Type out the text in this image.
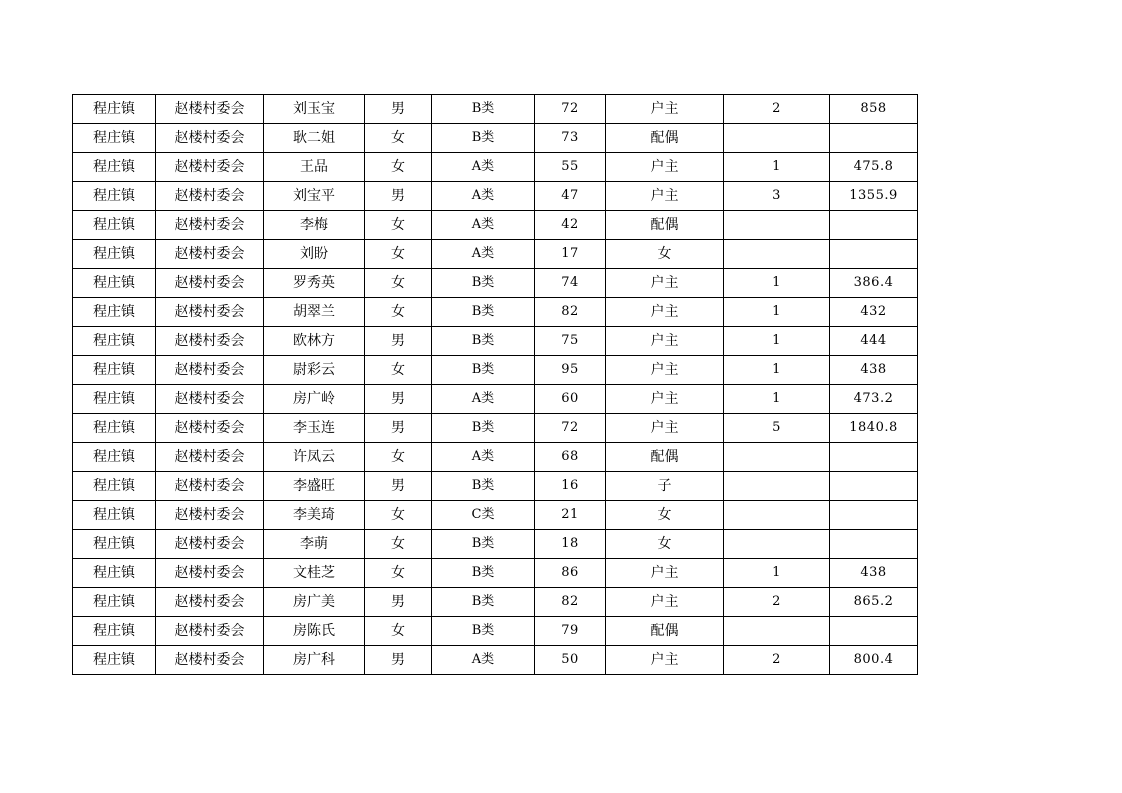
程庄镇	赵楼村委会	刘玉宝	男	B类	72	户主	2	858
程庄镇	赵楼村委会	耿二姐	女	B类	73	配偶		
程庄镇	赵楼村委会	王品	女	A类	55	户主	1	475.8
程庄镇	赵楼村委会	刘宝平	男	A类	47	户主	3	1355.9
程庄镇	赵楼村委会	李梅	女	A类	42	配偶		
程庄镇	赵楼村委会	刘盼	女	A类	17	女		
程庄镇	赵楼村委会	罗秀英	女	B类	74	户主	1	386.4
程庄镇	赵楼村委会	胡翠兰	女	B类	82	户主	1	432
程庄镇	赵楼村委会	欧林方	男	B类	75	户主	1	444
程庄镇	赵楼村委会	尉彩云	女	B类	95	户主	1	438
程庄镇	赵楼村委会	房广岭	男	A类	60	户主	1	473.2
程庄镇	赵楼村委会	李玉连	男	B类	72	户主	5	1840.8
程庄镇	赵楼村委会	许凤云	女	A类	68	配偶		
程庄镇	赵楼村委会	李盛旺	男	B类	16	子		
程庄镇	赵楼村委会	李美琦	女	C类	21	女		
程庄镇	赵楼村委会	李萌	女	B类	18	女		
程庄镇	赵楼村委会	文桂芝	女	B类	86	户主	1	438
程庄镇	赵楼村委会	房广美	男	B类	82	户主	2	865.2
程庄镇	赵楼村委会	房陈氏	女	B类	79	配偶		
程庄镇	赵楼村委会	房广科	男	A类	50	户主	2	800.4
